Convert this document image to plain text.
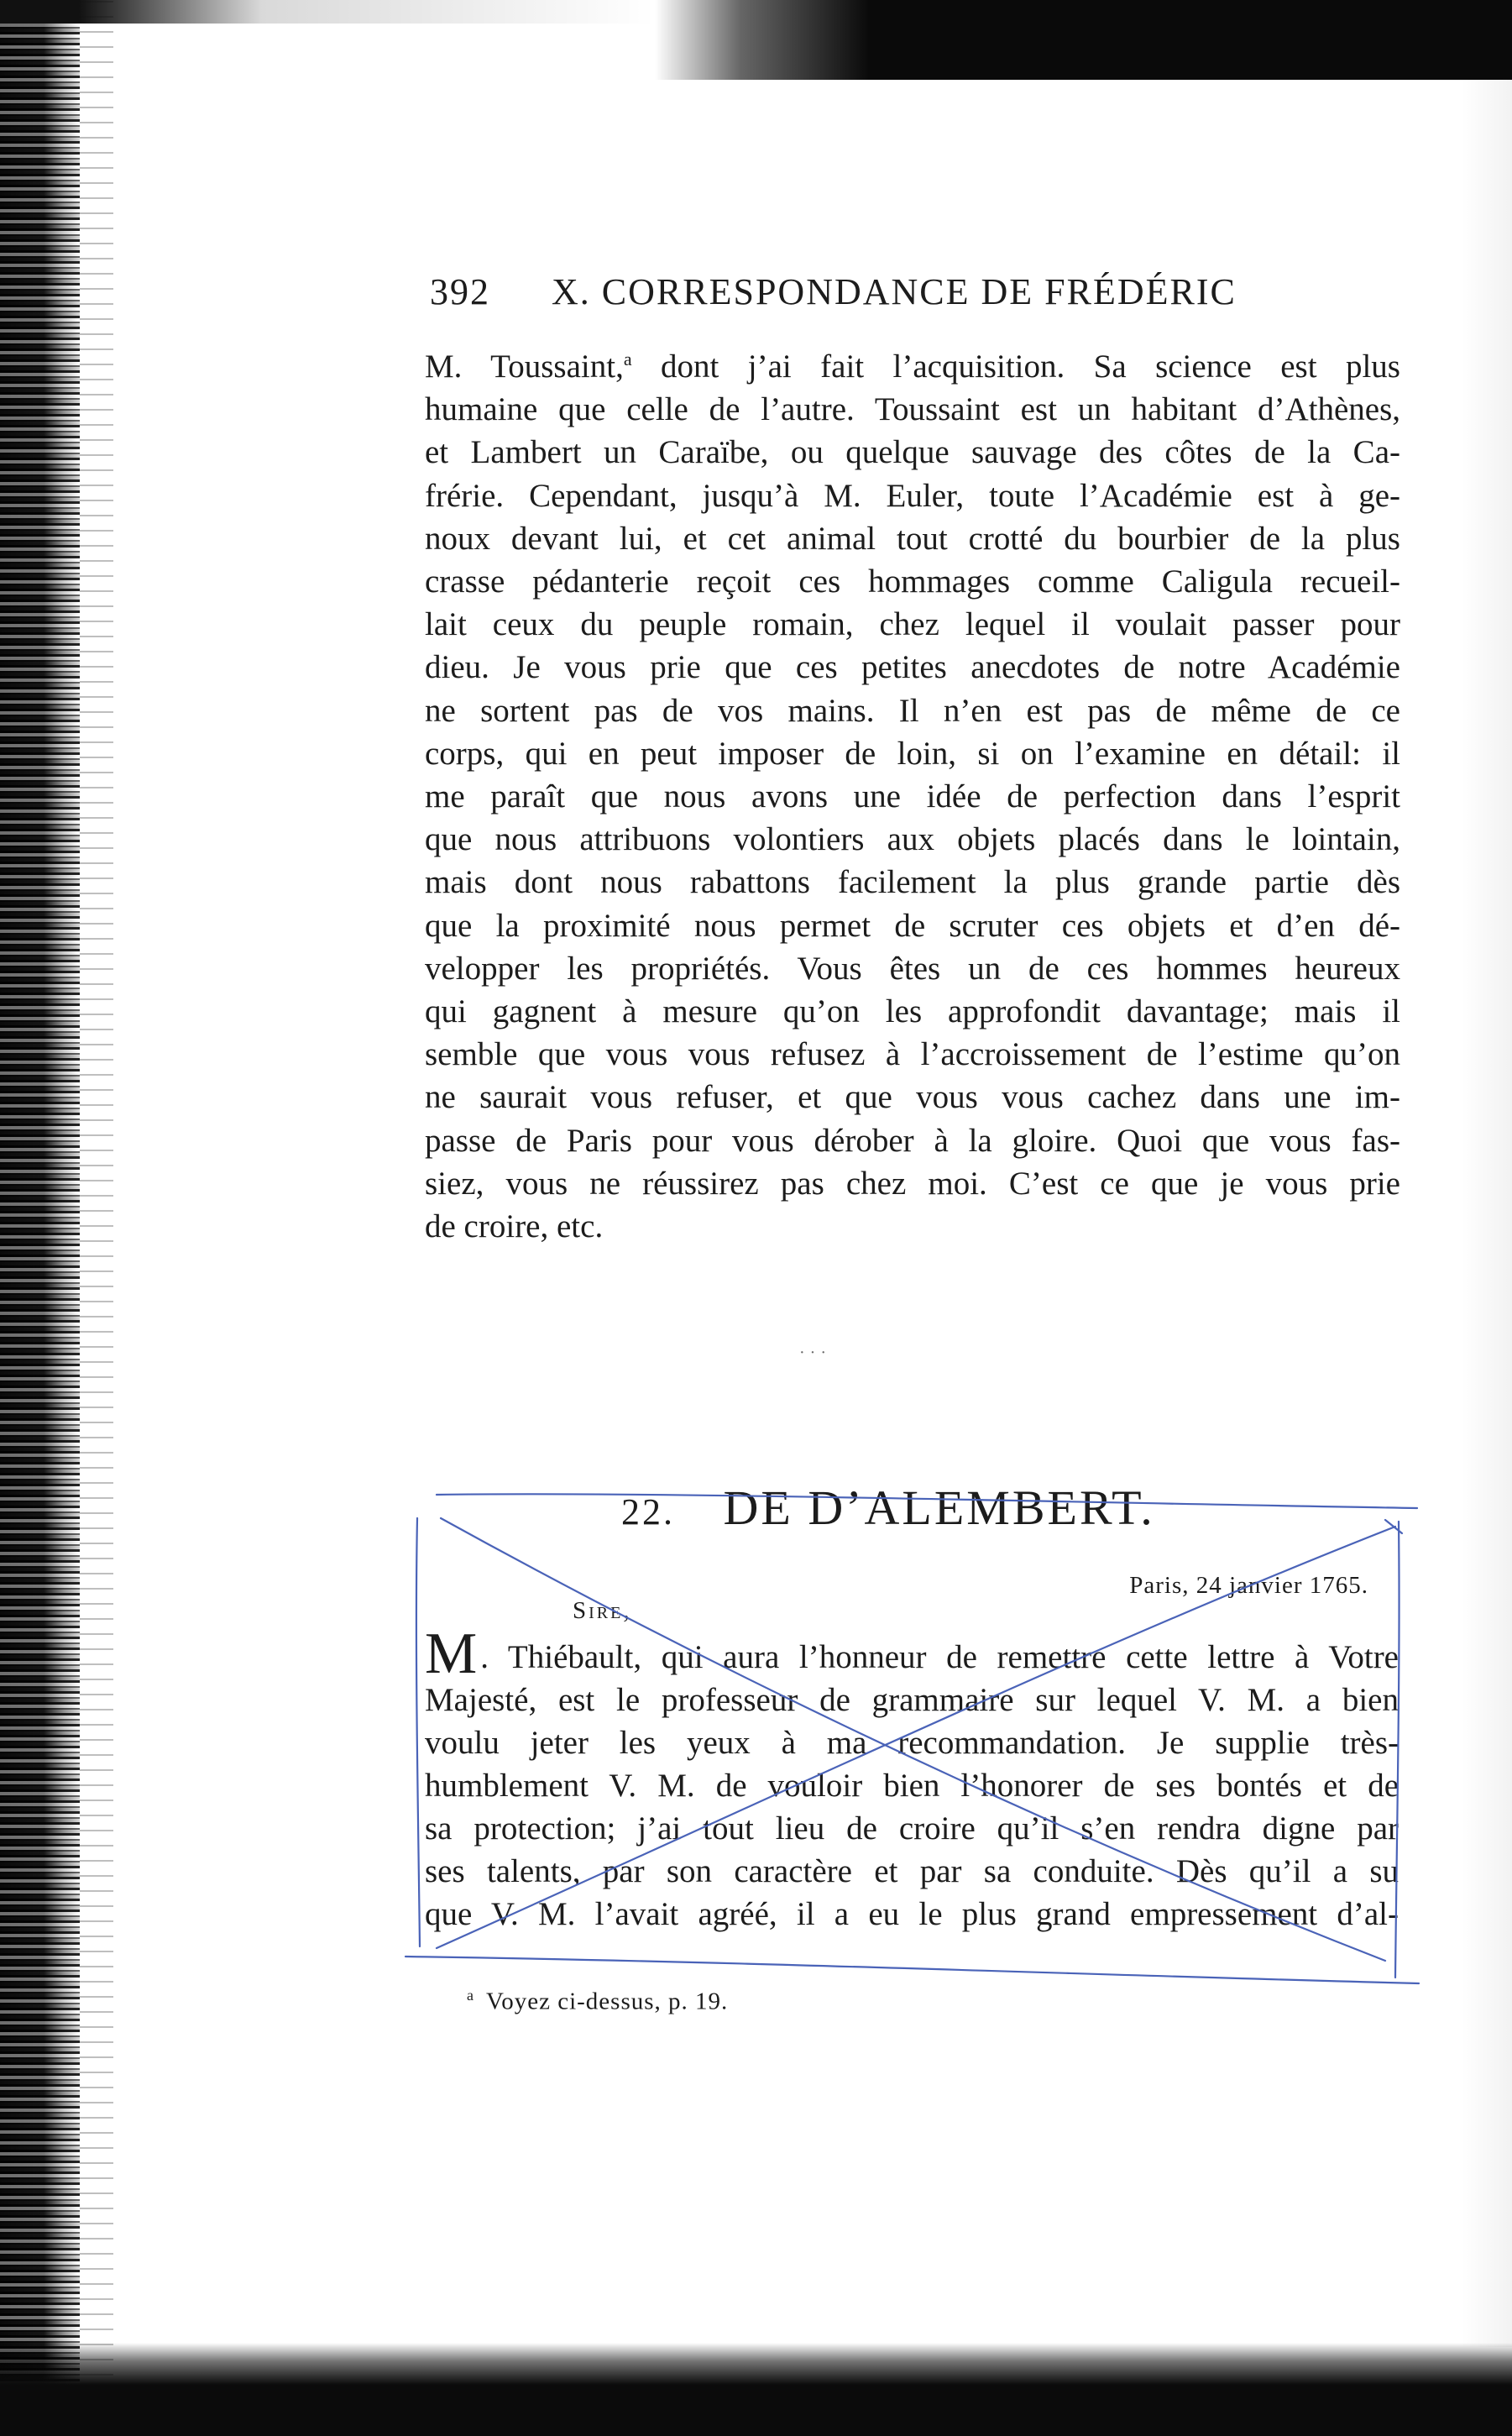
392 X. CORRESPONDANCE DE FRÉDÉRIC
M. Toussaint,$^a$ dont j’ai fait l’acquisition. Sa science est plus
humaine que celle de l’autre. Toussaint est un habitant d’Athènes,
et Lambert un Caraïbe, ou quelque sauvage des côtes de la Ca-
frérie. Cependant, jusqu’à M. Euler, toute l’Académie est à ge-
noux devant lui, et cet animal tout crotté du bourbier de la plus
crasse pédanterie reçoit ces hommages comme Caligula recueil-
lait ceux du peuple romain, chez lequel il voulait passer pour
dieu. Je vous prie que ces petites anecdotes de notre Académie
ne sortent pas de vos mains. Il n’en est pas de même de ce
corps, qui en peut imposer de loin, si on l’examine en détail: il
me paraît que nous avons une idée de perfection dans l’esprit
que nous attribuons volontiers aux objets placés dans le lointain,
mais dont nous rabattons facilement la plus grande partie dès
que la proximité nous permet de scruter ces objets et d’en dé-
velopper les propriétés. Vous êtes un de ces hommes heureux
qui gagnent à mesure qu’on les approfondit davantage; mais il
semble que vous vous refusez à l’accroissement de l’estime qu’on
ne saurait vous refuser, et que vous vous cachez dans une im-
passe de Paris pour vous dérober à la gloire. Quoi que vous fas-
siez, vous ne réussirez pas chez moi. C’est ce que je vous prie
de croire, etc.
···
22. DE D’ALEMBERT.
Paris, 24 janvier 1765.
Sire,
M . Thiébault, qui aura l’honneur de remettre cette lettre à Votre
Majesté, est le professeur de grammaire sur lequel V. M. a bien
voulu jeter les yeux à ma recommandation. Je supplie très-
humblement V. M. de vouloir bien l’honorer de ses bontés et de
sa protection; j’ai tout lieu de croire qu’il s’en rendra digne par
ses talents, par son caractère et par sa conduite. Dès qu’il a su
que V. M. l’avait agréé, il a eu le plus grand empressement d’al-
$^a$ Voyez ci-dessus, p. 19.
